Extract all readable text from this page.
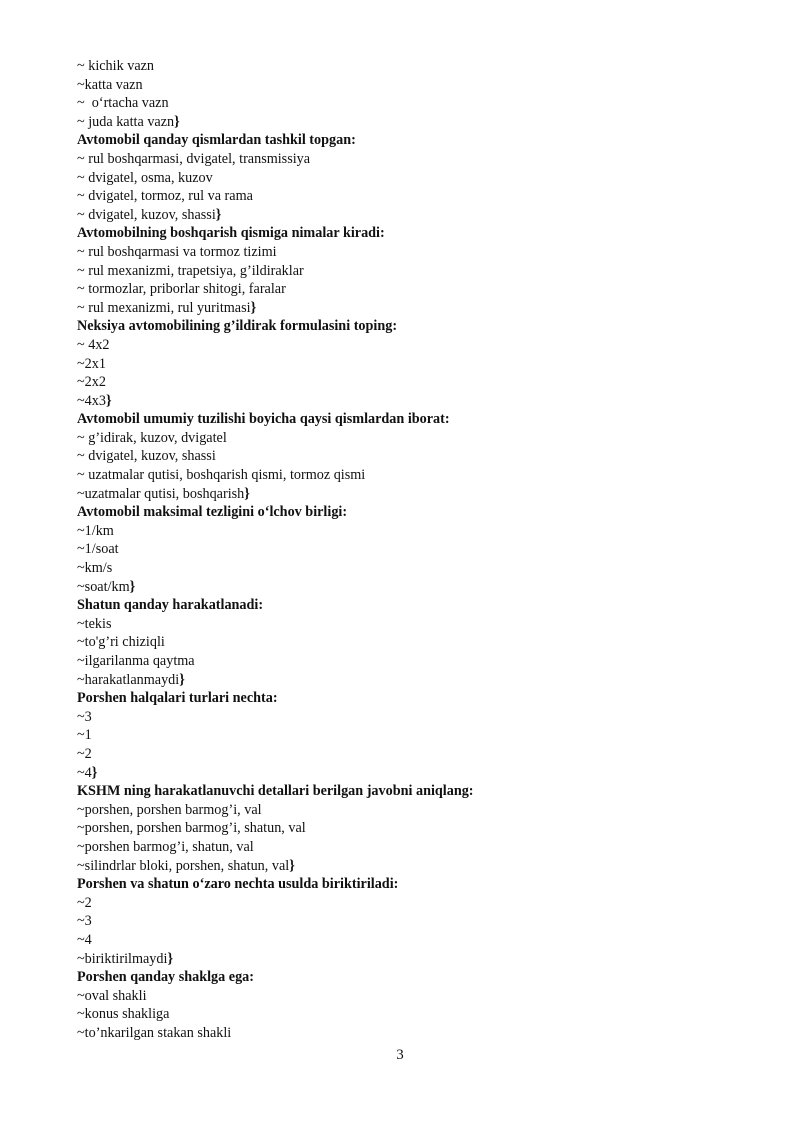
~ kichik vazn
~katta vazn
~  o‘rtacha vazn
~ juda katta vazn}
Avtomobil qanday qismlardan tashkil topgan:
~ rul boshqarmasi, dvigatel, transmissiya
~ dvigatel, osma, kuzov
~ dvigatel, tormoz, rul va rama
~ dvigatel, kuzov, shassi}
Avtomobilning boshqarish qismiga nimalar kiradi:
~ rul boshqarmasi va tormoz tizimi
~ rul mexanizmi, trapetsiya, g’ildiraklar
~ tormozlar, priborlar shitogi, faralar
~ rul mexanizmi, rul yuritmasi}
Neksiya avtomobilining g’ildirak formulasini toping:
~ 4x2
~2x1
~2x2
~4x3}
Avtomobil umumiy tuzilishi boyicha qaysi qismlardan iborat:
~ g’idirak, kuzov, dvigatel
~ dvigatel, kuzov, shassi
~ uzatmalar qutisi, boshqarish qismi, tormoz qismi
~uzatmalar qutisi, boshqarish}
Avtomobil maksimal tezligini o‘lchov birligi:
~1/km
~1/soat
~km/s
~soat/km}
Shatun qanday harakatlanadi:
~tekis
~to'g’ri chiziqli
~ilgarilanma qaytma
~harakatlanmaydi}
Porshen halqalari turlari nechta:
~3
~1
~2
~4}
KSHM ning harakatlanuvchi detallari berilgan javobni aniqlang:
~porshen, porshen barmog’i, val
~porshen, porshen barmog’i, shatun, val
~porshen barmog’i, shatun, val
~silindrlar bloki, porshen, shatun, val}
Porshen va shatun o‘zaro nechta usulda biriktiriladi:
~2
~3
~4
~biriktirilmaydi}
Porshen qanday shaklga ega:
~oval shakli
~konus shakliga
~to’nkarilgan stakan shakli
3
